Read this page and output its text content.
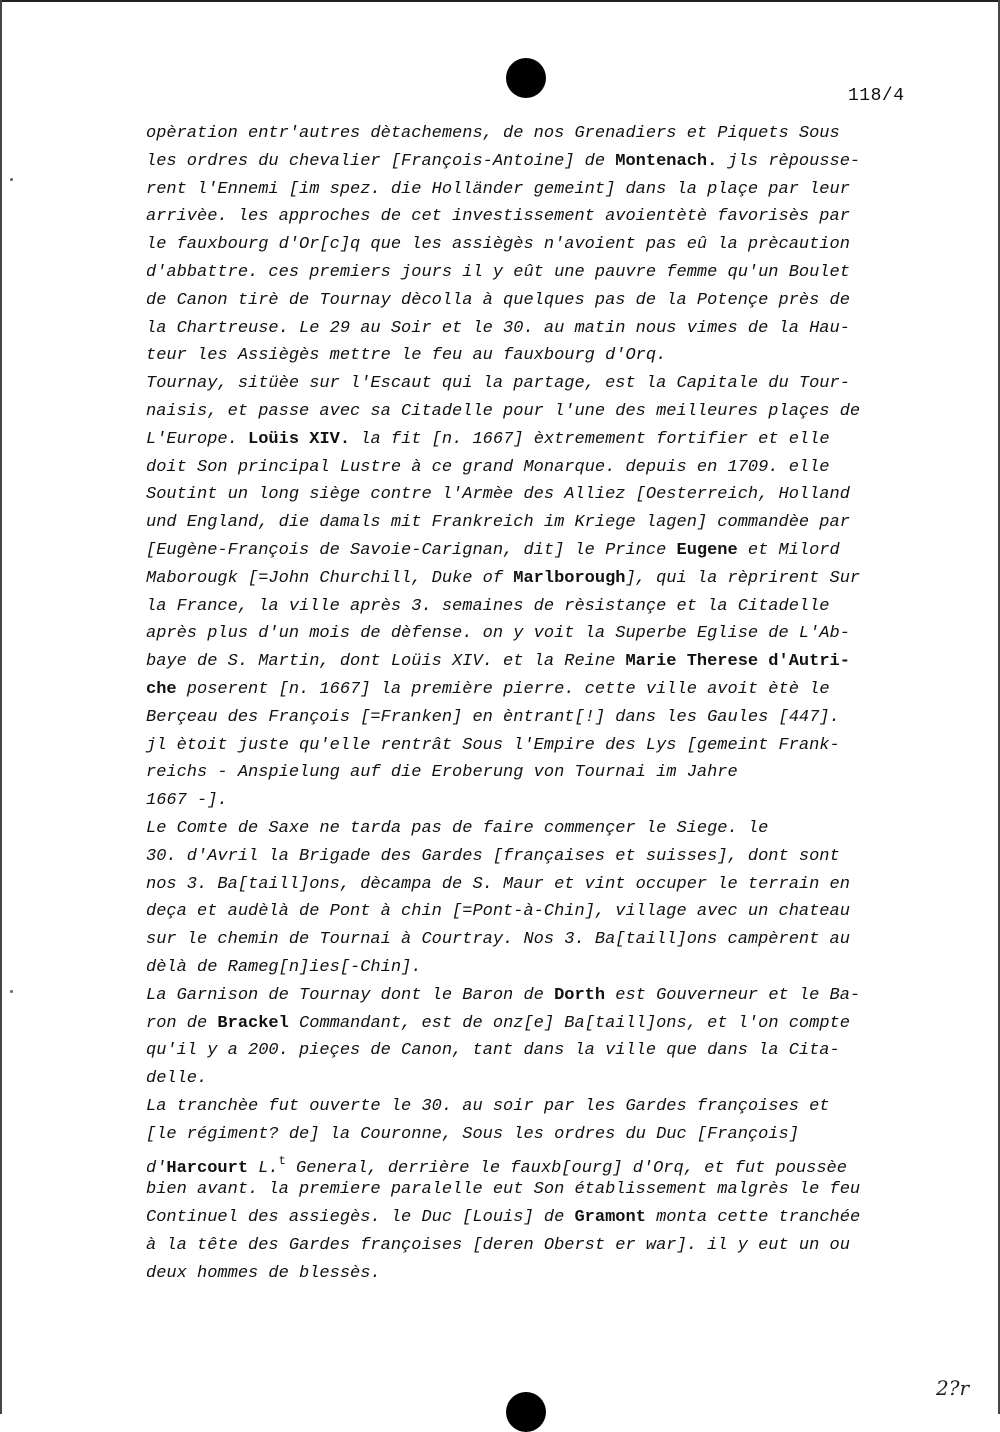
118/4
opèration entr'autres dètachemens, de nos Grenadiers et Piquets Sous
les ordres du chevalier [François-Antoine] de Montenach. jls rèpousse-
rent l'Ennemi [im spez. die Holländer gemeint] dans la plaçe par leur
arrivèe. les approches de cet investissement avoientètè favorisès par
le fauxbourg d'Or[c]q que les assiègès n'avoient pas eû la prècaution
d'abbattre. ces premiers jours il y eût une pauvre femme qu'un Boulet
de Canon tirè de Tournay dècolla à quelques pas de la Potençe près de
la Chartreuse. Le 29 au Soir et le 30. au matin nous vimes de la Hau-
teur les Assiègès mettre le feu au fauxbourg d'Orq.
Tournay, sitüèe sur l'Escaut qui la partage, est la Capitale du Tour-
naisis, et passe avec sa Citadelle pour l'une des meilleures plaçes de
L'Europe. Loüis XIV. la fit [n. 1667] èxtremement fortifier et elle
doit Son principal Lustre à ce grand Monarque. depuis en 1709. elle
Soutint un long siège contre l'Armèe des Alliez [Oesterreich, Holland
und England, die damals mit Frankreich im Kriege lagen] commandèe par
[Eugène-François de Savoie-Carignan, dit] le Prince Eugene et Milord
Maborougk [=John Churchill, Duke of Marlborough], qui la rèprirent Sur
la France, la ville après 3. semaines de rèsistançe et la Citadelle
après plus d'un mois de dèfense. on y voit la Superbe Eglise de L'Ab-
baye de S. Martin, dont Loüis XIV. et la Reine Marie Therese d'Autri-
che poserent [n. 1667] la première pierre. cette ville avoit ètè le
Berçeau des François [=Franken] en èntrant[!] dans les Gaules [447].
jl ètoit juste qu'elle rentrât Sous l'Empire des Lys [gemeint Frank-
reichs - Anspielung auf die Eroberung von Tournai im Jahre
1667 -].
Le Comte de Saxe ne tarda pas de faire commençer le Siege. le
30. d'Avril la Brigade des Gardes [françaises et suisses], dont sont
nos 3. Ba[taill]ons, dècampa de S. Maur et vint occuper le terrain en
deça et audèlà de Pont à chin [=Pont-à-Chin], village avec un chateau
sur le chemin de Tournai à Courtray. Nos 3. Ba[taill]ons campèrent au
dèlà de Rameg[n]ies[-Chin].
La Garnison de Tournay dont le Baron de Dorth est Gouverneur et le Ba-
ron de Brackel Commandant, est de onz[e] Ba[taill]ons, et l'on compte
qu'il y a 200. pieçes de Canon, tant dans la ville que dans la Cita-
delle.
La tranchèe fut ouverte le 30. au soir par les Gardes françoises et
[le régiment? de] la Couronne, Sous les ordres du Duc [François]
d'Harcourt L.$^t$ General, derrière le fauxb[ourg] d'Orq, et fut poussèe
bien avant. la premiere paralelle eut Son établissement malgrès le feu
Continuel des assiegès. le Duc [Louis] de Gramont monta cette tranchée
à la tête des Gardes françoises [deren Oberst er war]. il y eut un ou
deux hommes de blessès.
2?r
